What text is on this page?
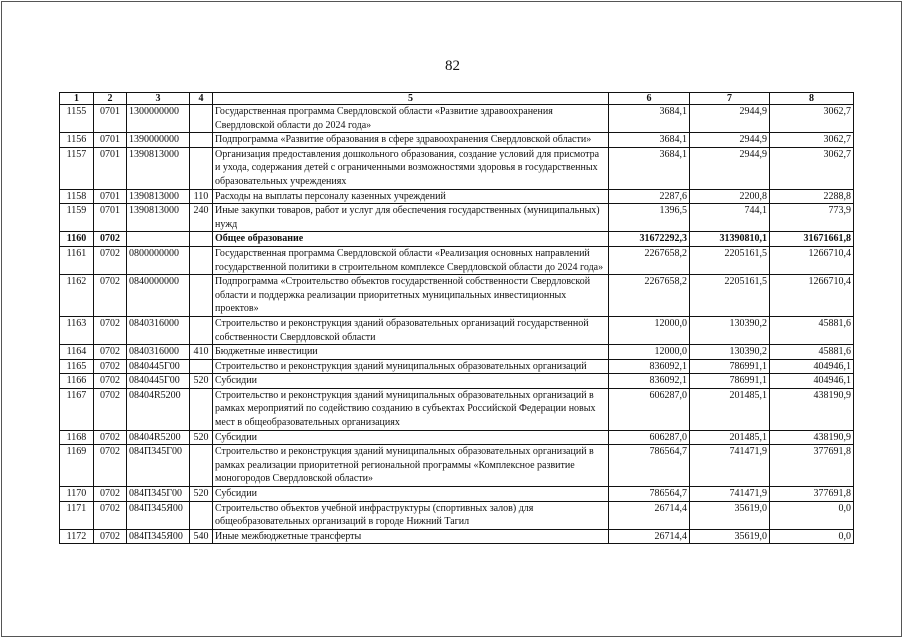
82
1	2	3	4	5	6	7	8
1155	0701	1300000000		Государственная программа Свердловской области «Развитие здравоохранения Свердловской области до 2024 года»	3684,1	2944,9	3062,7
1156	0701	1390000000		Подпрограмма «Развитие образования в сфере здравоохранения Свердловской области»	3684,1	2944,9	3062,7
1157	0701	1390813000		Организация предоставления дошкольного образования, создание условий для присмотра и ухода, содержания детей с ограниченными возможностями здоровья в государственных образовательных учреждениях	3684,1	2944,9	3062,7
1158	0701	1390813000	110	Расходы на выплаты персоналу казенных учреждений	2287,6	2200,8	2288,8
1159	0701	1390813000	240	Иные закупки товаров, работ и услуг для обеспечения государственных (муниципальных) нужд	1396,5	744,1	773,9
1160	0702			Общее образование	31672292,3	31390810,1	31671661,8
1161	0702	0800000000		Государственная программа Свердловской области «Реализация основных направлений государственной политики в строительном комплексе Свердловской области до 2024 года»	2267658,2	2205161,5	1266710,4
1162	0702	0840000000		Подпрограмма «Строительство объектов государственной собственности Свердловской области и поддержка реализации приоритетных муниципальных инвестиционных проектов»	2267658,2	2205161,5	1266710,4
1163	0702	0840316000		Строительство и реконструкция зданий образовательных организаций государственной собственности Свердловской области	12000,0	130390,2	45881,6
1164	0702	0840316000	410	Бюджетные инвестиции	12000,0	130390,2	45881,6
1165	0702	0840445Г00		Строительство и реконструкция зданий муниципальных образовательных организаций	836092,1	786991,1	404946,1
1166	0702	0840445Г00	520	Субсидии	836092,1	786991,1	404946,1
1167	0702	08404R5200		Строительство и реконструкция зданий муниципальных образовательных организаций в рамках мероприятий по содействию созданию в субъектах Российской Федерации новых мест в общеобразовательных организациях	606287,0	201485,1	438190,9
1168	0702	08404R5200	520	Субсидии	606287,0	201485,1	438190,9
1169	0702	084П345Г00		Строительство и реконструкция зданий муниципальных образовательных организаций в рамках реализации приоритетной региональной программы «Комплексное развитие моногородов Свердловской области»	786564,7	741471,9	377691,8
1170	0702	084П345Г00	520	Субсидии	786564,7	741471,9	377691,8
1171	0702	084П345Я00		Строительство объектов учебной инфраструктуры (спортивных залов) для общеобразовательных организаций в городе Нижний Тагил	26714,4	35619,0	0,0
1172	0702	084П345Я00	540	Иные межбюджетные трансферты	26714,4	35619,0	0,0
